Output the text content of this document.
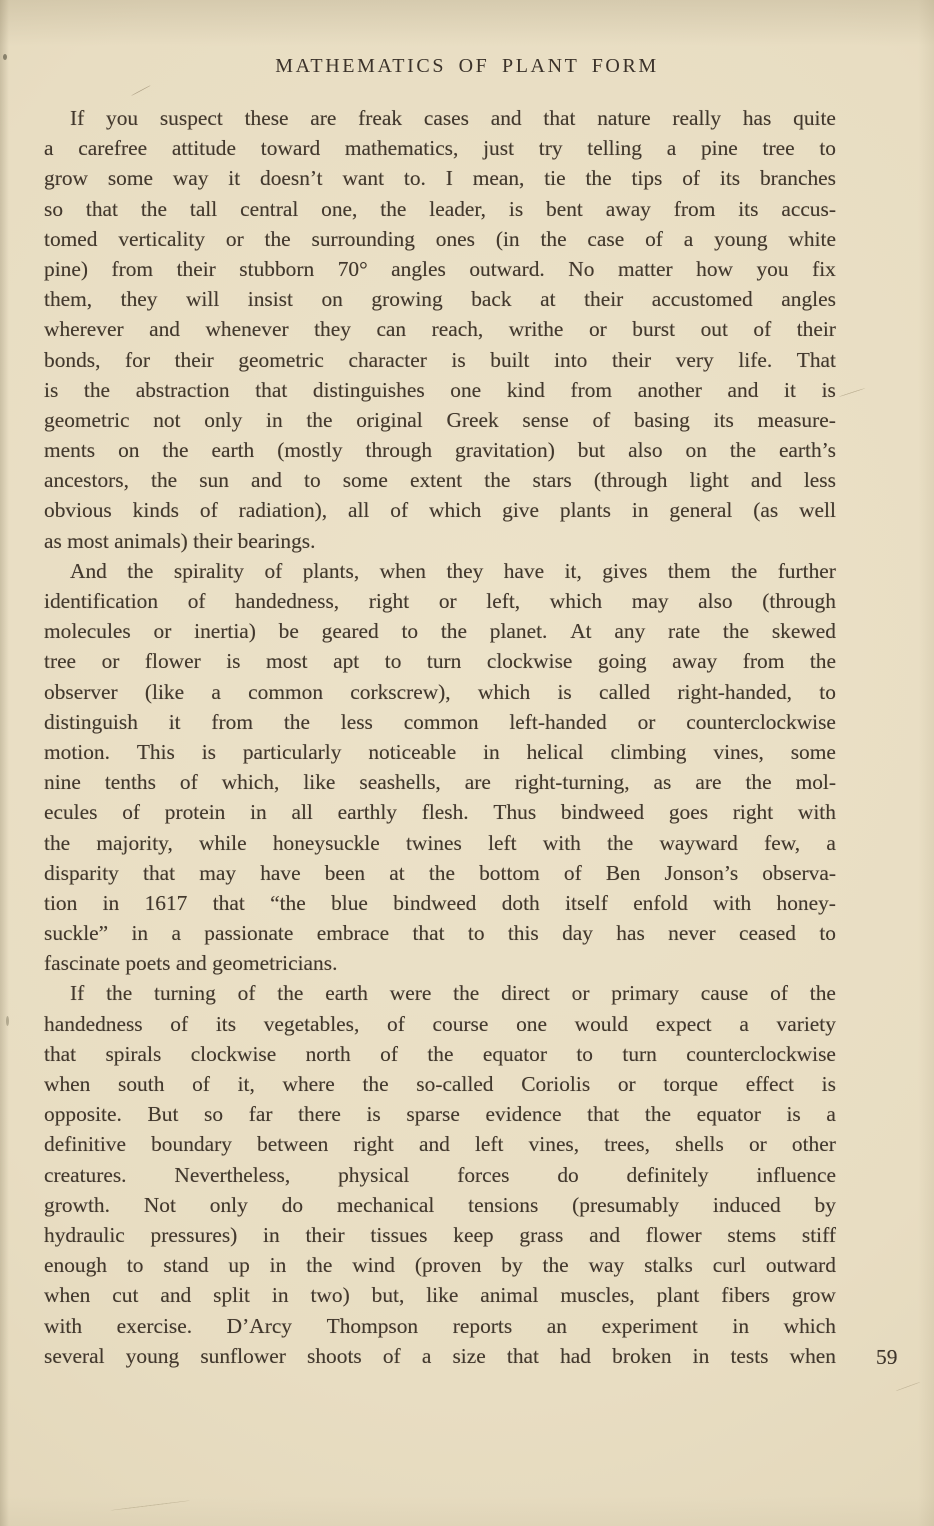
MATHEMATICS OF PLANT FORM
If you suspect these are freak cases and that nature really has quite
a carefree attitude toward mathematics, just try telling a pine tree to
grow some way it doesn’t want to. I mean, tie the tips of its branches
so that the tall central one, the leader, is bent away from its accus-
tomed verticality or the surrounding ones (in the case of a young white
pine) from their stubborn 70° angles outward. No matter how you fix
them, they will insist on growing back at their accustomed angles
wherever and whenever they can reach, writhe or burst out of their
bonds, for their geometric character is built into their very life. That
is the abstraction that distinguishes one kind from another and it is
geometric not only in the original Greek sense of basing its measure-
ments on the earth (mostly through gravitation) but also on the earth’s
ancestors, the sun and to some extent the stars (through light and less
obvious kinds of radiation), all of which give plants in general (as well
as most animals) their bearings.
And the spirality of plants, when they have it, gives them the further
identification of handedness, right or left, which may also (through
molecules or inertia) be geared to the planet. At any rate the skewed
tree or flower is most apt to turn clockwise going away from the
observer (like a common corkscrew), which is called right-handed, to
distinguish it from the less common left-handed or counterclockwise
motion. This is particularly noticeable in helical climbing vines, some
nine tenths of which, like seashells, are right-turning, as are the mol-
ecules of protein in all earthly flesh. Thus bindweed goes right with
the majority, while honeysuckle twines left with the wayward few, a
disparity that may have been at the bottom of Ben Jonson’s observa-
tion in 1617 that “the blue bindweed doth itself enfold with honey-
suckle” in a passionate embrace that to this day has never ceased to
fascinate poets and geometricians.
If the turning of the earth were the direct or primary cause of the
handedness of its vegetables, of course one would expect a variety
that spirals clockwise north of the equator to turn counterclockwise
when south of it, where the so-called Coriolis or torque effect is
opposite. But so far there is sparse evidence that the equator is a
definitive boundary between right and left vines, trees, shells or other
creatures. Nevertheless, physical forces do definitely influence
growth. Not only do mechanical tensions (presumably induced by
hydraulic pressures) in their tissues keep grass and flower stems stiff
enough to stand up in the wind (proven by the way stalks curl outward
when cut and split in two) but, like animal muscles, plant fibers grow
with exercise. D’Arcy Thompson reports an experiment in which
several young sunflower shoots of a size that had broken in tests when 59
